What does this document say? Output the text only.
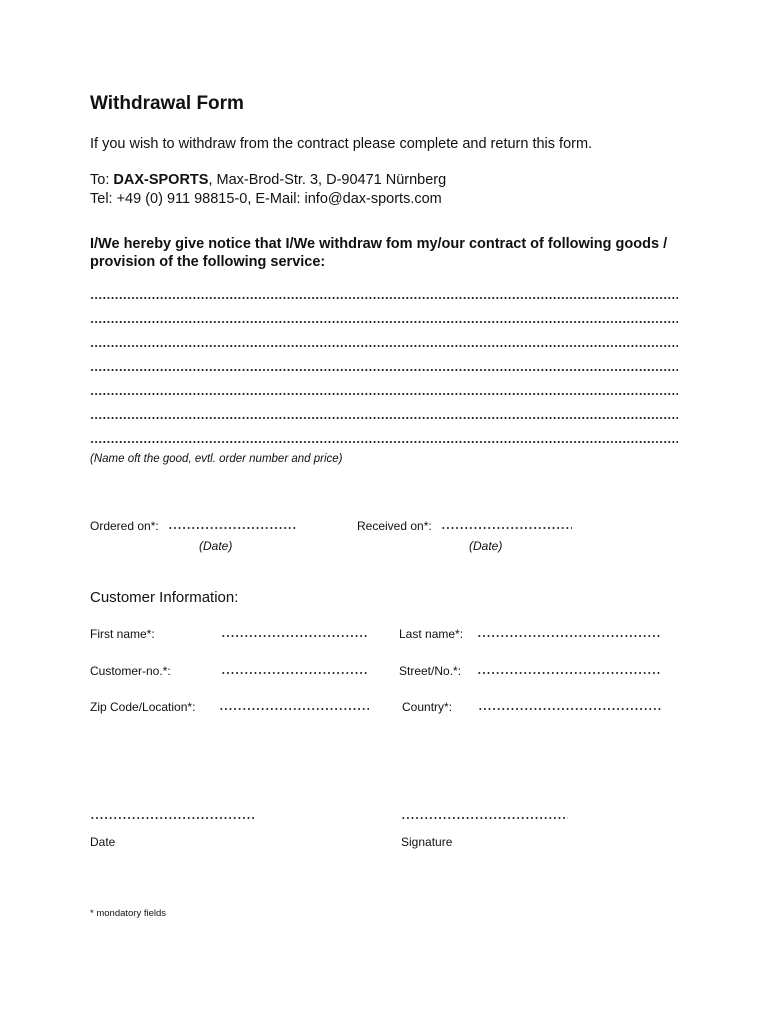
Withdrawal Form
If you wish to withdraw from the contract please complete and return this form.
To: DAX-SPORTS, Max-Brod-Str. 3, D-90471 Nürnberg
Tel: +49 (0) 911 98815-0, E-Mail: info@dax-sports.com
I/We hereby give notice that I/We withdraw fom my/our contract of following goods / provision of the following service:
(Name oft the good, evtl. order number and price)
Ordered on*:	Received on*:
(Date)	(Date)
Customer Information:
First name*:	Last name*:
Customer-no.*:	Street/No.*:
Zip Code/Location*:	Country*:
Date	Signature
* mondatory fields
